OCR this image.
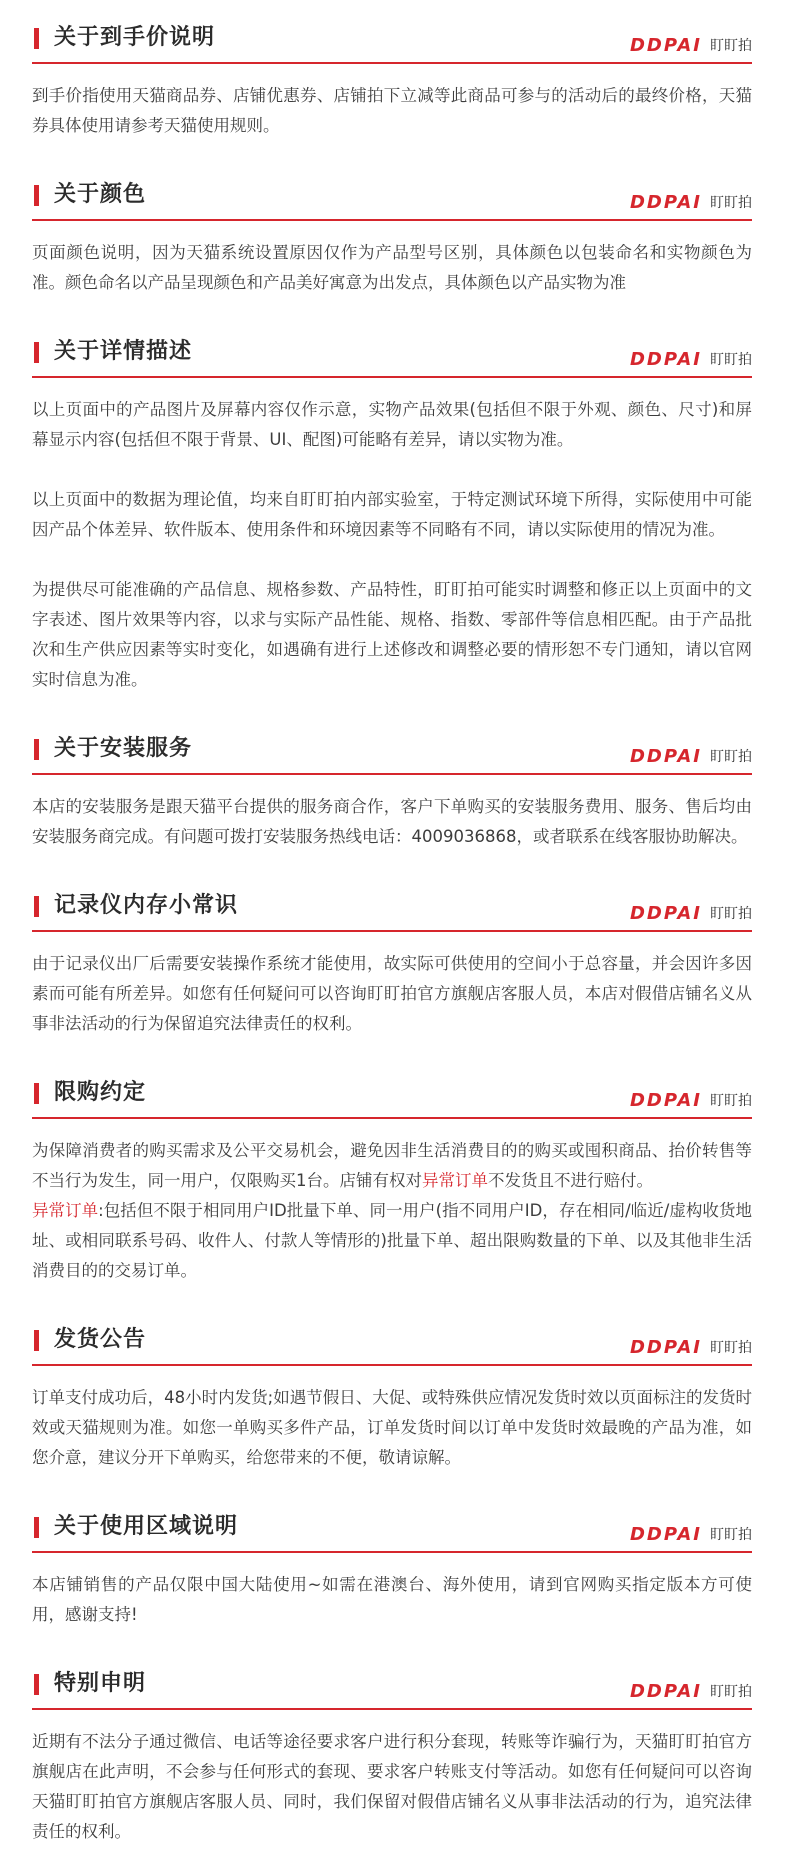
关于到手价说明	DDPAI 盯盯拍

到手价指使用天猫商品券、店铺优惠券、店铺拍下立减等此商品可参与的活动后的最终价格，天猫券具体使用请参考天猫使用规则。

关于颜色	DDPAI 盯盯拍

页面颜色说明，因为天猫系统设置原因仅作为产品型号区别，具体颜色以包装命名和实物颜色为准。颜色命名以产品呈现颜色和产品美好寓意为出发点，具体颜色以产品实物为准

关于详情描述	DDPAI 盯盯拍

以上页面中的产品图片及屏幕内容仅作示意，实物产品效果(包括但不限于外观、颜色、尺寸)和屏幕显示内容(包括但不限于背景、UI、配图)可能略有差异，请以实物为准。

以上页面中的数据为理论值，均来自盯盯拍内部实验室，于特定测试环境下所得，实际使用中可能因产品个体差异、软件版本、使用条件和环境因素等不同略有不同，请以实际使用的情况为准。

为提供尽可能准确的产品信息、规格参数、产品特性，盯盯拍可能实时调整和修正以上页面中的文字表述、图片效果等内容，以求与实际产品性能、规格、指数、零部件等信息相匹配。由于产品批次和生产供应因素等实时变化，如遇确有进行上述修改和调整必要的情形恕不专门通知，请以官网实时信息为准。

关于安装服务	DDPAI 盯盯拍

本店的安装服务是跟天猫平台提供的服务商合作，客户下单购买的安装服务费用、服务、售后均由安装服务商完成。有问题可拨打安装服务热线电话：4009036868，或者联系在线客服协助解决。

记录仪内存小常识	DDPAI 盯盯拍

由于记录仪出厂后需要安装操作系统才能使用，故实际可供使用的空间小于总容量，并会因许多因素而可能有所差异。如您有任何疑问可以咨询盯盯拍官方旗舰店客服人员，本店对假借店铺名义从事非法活动的行为保留追究法律责任的权利。

限购约定	DDPAI 盯盯拍

为保障消费者的购买需求及公平交易机会，避免因非生活消费目的的购买或囤积商品、抬价转售等不当行为发生，同一用户，仅限购买1台。店铺有权对异常订单不发货且不进行赔付。

异常订单:包括但不限于相同用户ID批量下单、同一用户(指不同用户ID，存在相同/临近/虚构收货地址、或相同联系号码、收件人、付款人等情形的)批量下单、超出限购数量的下单、以及其他非生活消费目的的交易订单。

发货公告	DDPAI 盯盯拍

订单支付成功后，48小时内发货;如遇节假日、大促、或特殊供应情况发货时效以页面标注的发货时效或天猫规则为准。如您一单购买多件产品，订单发货时间以订单中发货时效最晚的产品为准，如您介意，建议分开下单购买，给您带来的不便，敬请谅解。

关于使用区域说明	DDPAI 盯盯拍

本店铺销售的产品仅限中国大陆使用~如需在港澳台、海外使用，请到官网购买指定版本方可使用，感谢支持!

特别申明	DDPAI 盯盯拍

近期有不法分子通过微信、电话等途径要求客户进行积分套现，转账等诈骗行为，天猫盯盯拍官方旗舰店在此声明，不会参与任何形式的套现、要求客户转账支付等活动。如您有任何疑问可以咨询天猫盯盯拍官方旗舰店客服人员、同时，我们保留对假借店铺名义从事非法活动的行为，追究法律责任的权利。
